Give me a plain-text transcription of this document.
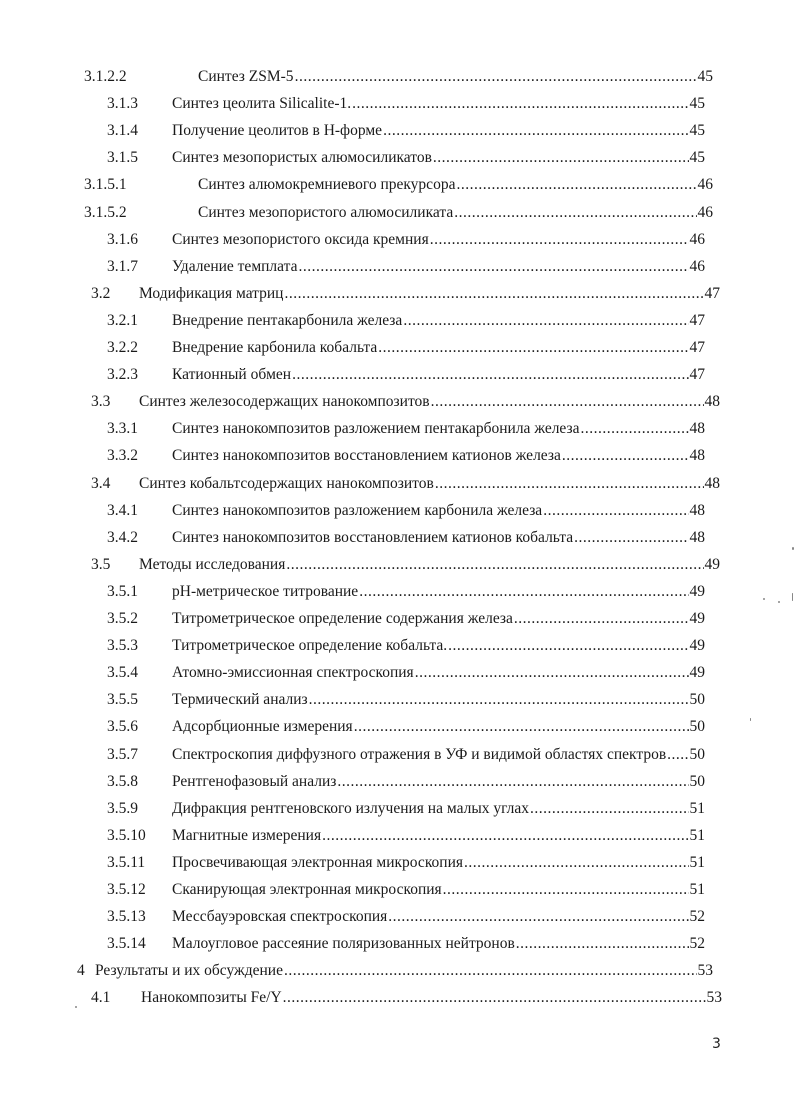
3.1.2.2	Синтез ZSM-5 .....	45
3.1.3	Синтез цеолита Silicalite-1. .....	45
3.1.4	Получение цеолитов в Н-форме .....	45
3.1.5	Синтез мезопористых алюмосиликатов .....	45
3.1.5.1	Синтез алюмокремниевого прекурсора .....	46
3.1.5.2	Синтез мезопористого алюмосиликата .....	46
3.1.6	Синтез мезопористого оксида кремния .....	46
3.1.7	Удаление темплата .....	46
3.2	Модификация матриц .....	47
3.2.1	Внедрение пентакарбонила железа .....	47
3.2.2	Внедрение карбонила кобальта .....	47
3.2.3	Катионный обмен .....	47
3.3	Синтез железосодержащих нанокомпозитов .....	48
3.3.1	Синтез нанокомпозитов разложением пентакарбонила железа .....	48
3.3.2	Синтез нанокомпозитов восстановлением катионов железа .....	48
3.4	Синтез кобальтсодержащих нанокомпозитов .....	48
3.4.1	Синтез нанокомпозитов разложением карбонила железа .....	48
3.4.2	Синтез нанокомпозитов восстановлением катионов кобальта .....	48
3.5	Методы исследования .....	49
3.5.1	pH-метрическое титрование .....	49
3.5.2	Титрометрическое определение содержания железа .....	49
3.5.3	Титрометрическое определение кобальта. .....	49
3.5.4	Атомно-эмиссионная спектроскопия .....	49
3.5.5	Термический анализ .....	50
3.5.6	Адсорбционные измерения .....	50
3.5.7	Спектроскопия диффузного отражения в УФ и видимой областях спектров ..... 50
3.5.8	Рентгенофазовый анализ .....	50
3.5.9	Дифракция рентгеновского излучения на малых углах .....	51
3.5.10	Магнитные измерения .....	51
3.5.11	Просвечивающая электронная микроскопия .....	51
3.5.12	Сканирующая электронная микроскопия .....	51
3.5.13	Мессбауэровская спектроскопия .....	52
3.5.14	Малоугловое рассеяние поляризованных нейтронов .....	52
4 Результаты и их обсуждение .....	53
4.1	Нанокомпозиты Fe/Y .....	53
3
